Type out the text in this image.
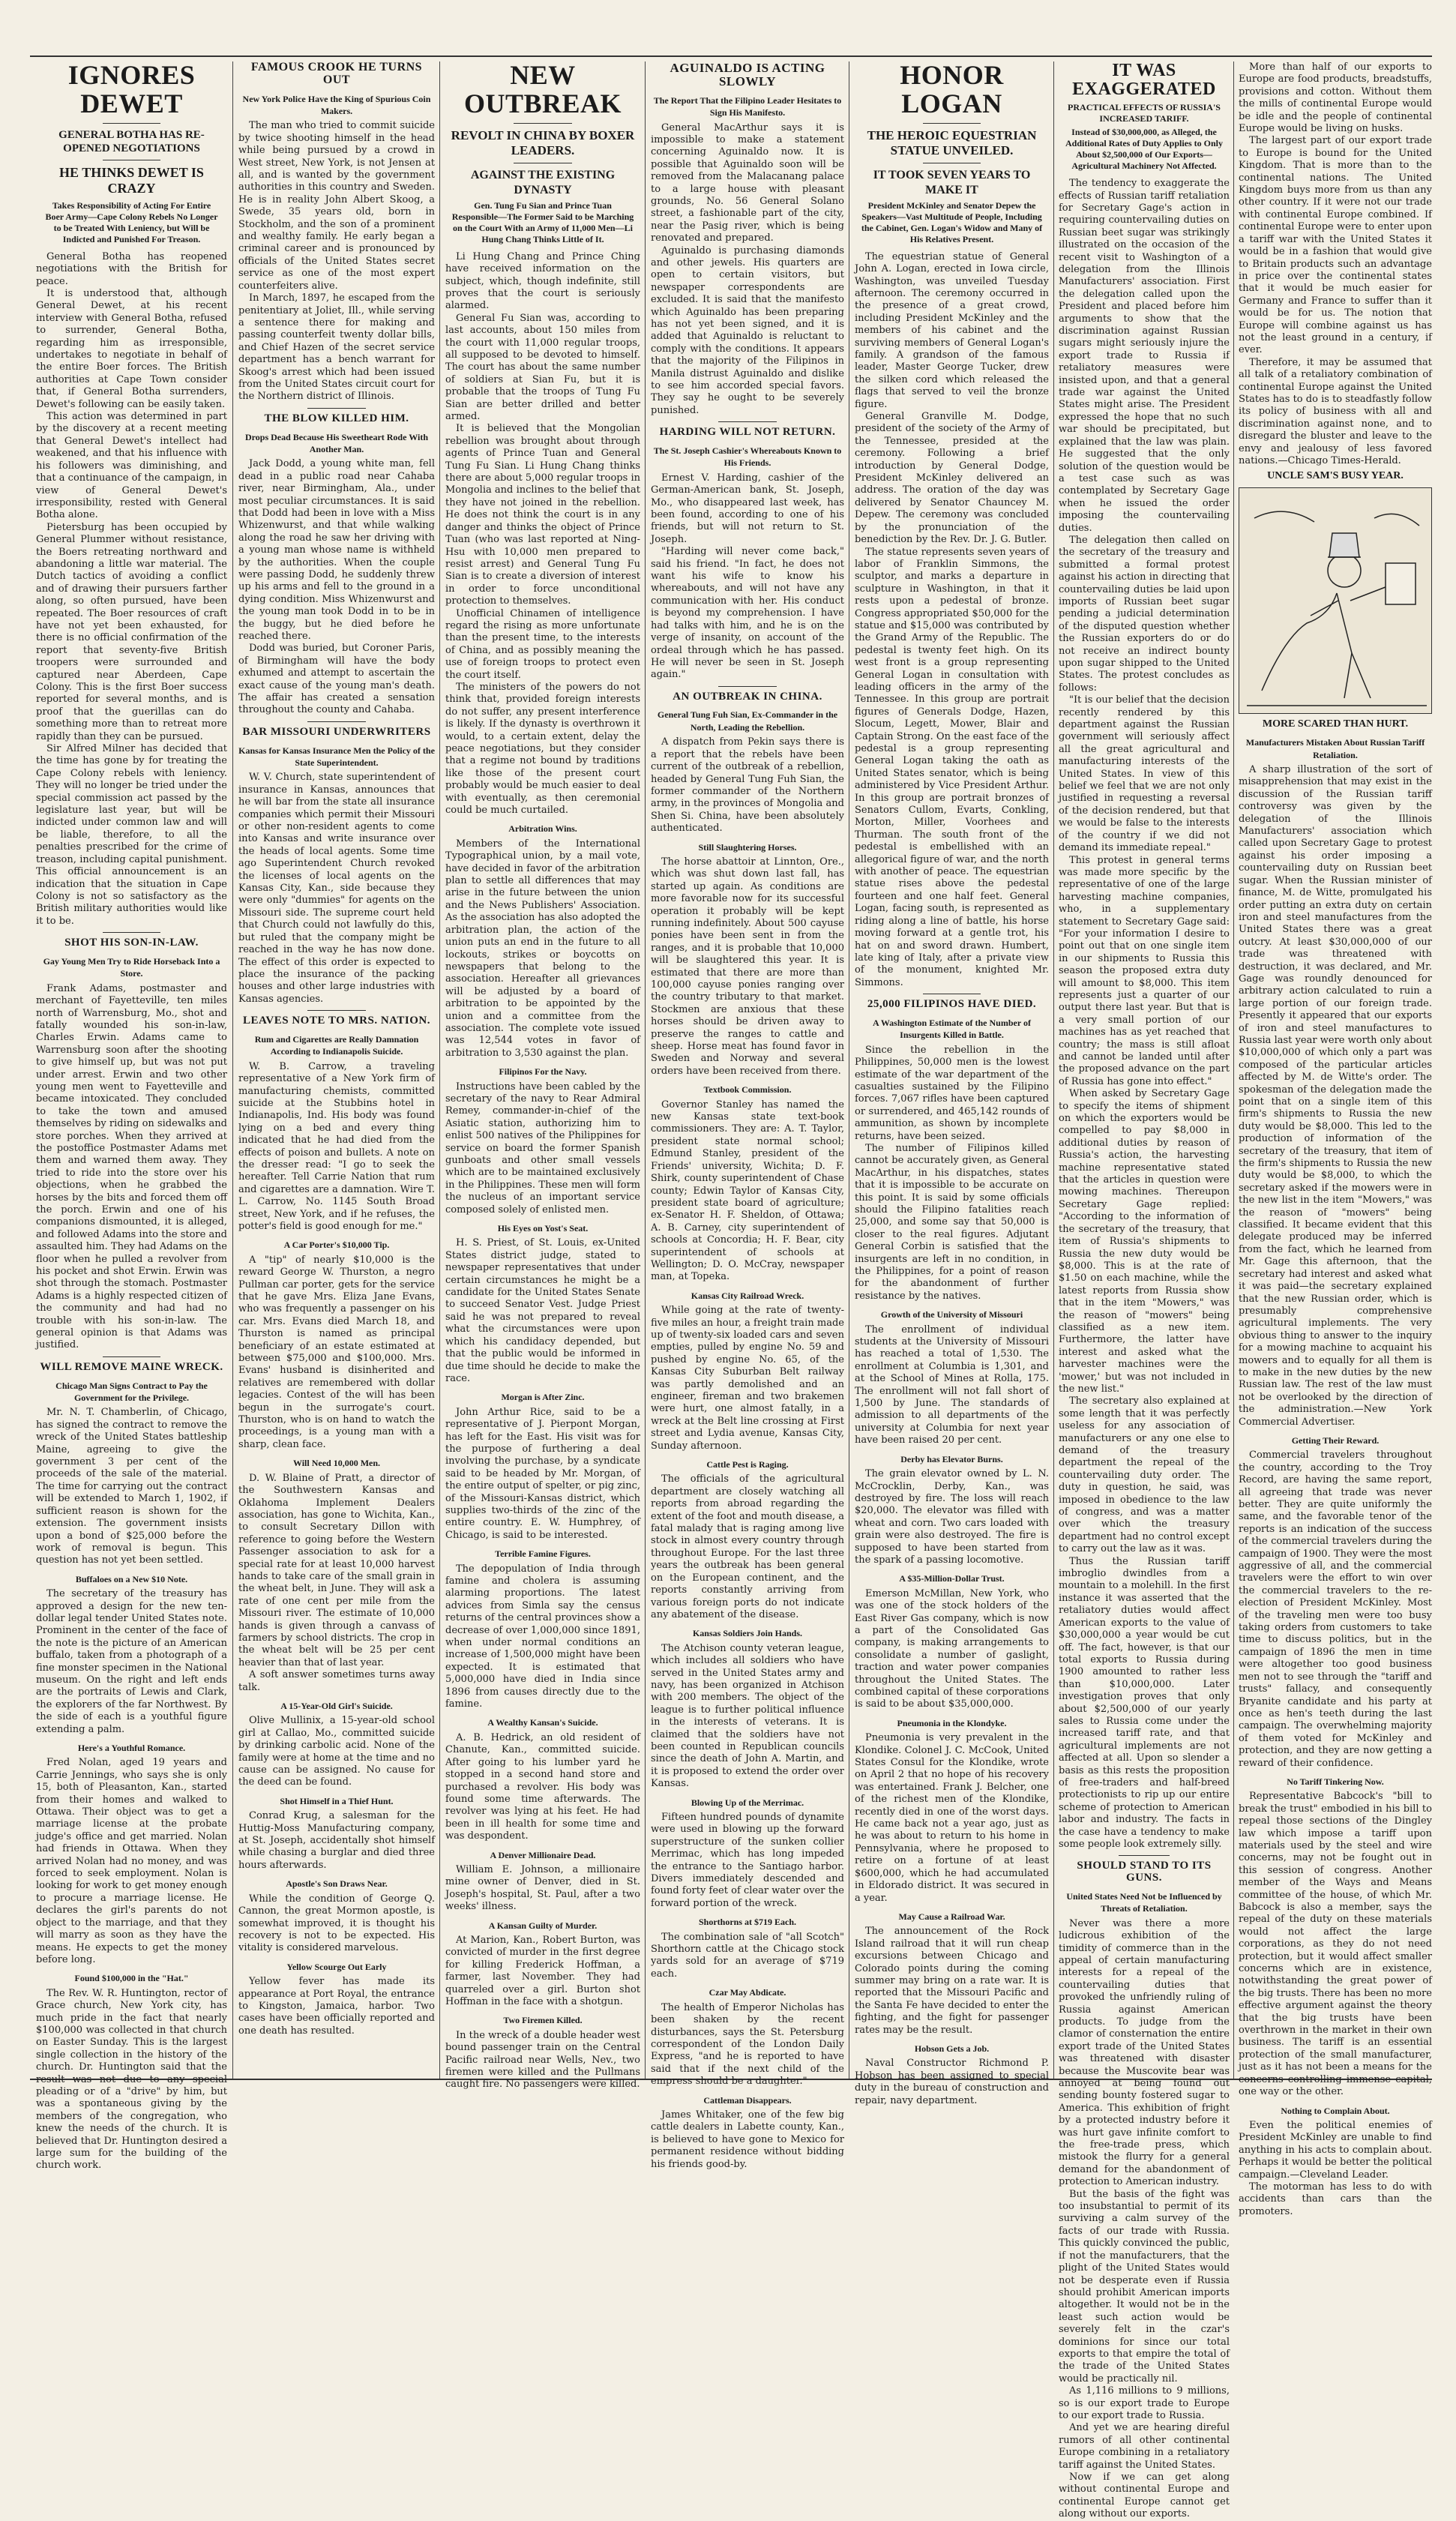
IGNORES DEWET
GENERAL BOTHA HAS RE-OPENED NEGOTIATIONS
HE THINKS DEWET IS CRAZY
Takes Responsibility of Acting For Entire Boer Army—Cape Colony Rebels No Longer to be Treated With Leniency, but Will be Indicted and Punished For Treason.

General Botha has reopened negotiations with the British for peace.

It is understood that, although General Dewet, at his recent interview with General Botha, refused to surrender, General Botha, regarding him as irresponsible, undertakes to negotiate in behalf of the entire Boer forces. The British authorities at Cape Town consider that, if General Botha surrenders, Dewet's following can be easily taken.

This action was determined in part by the discovery at a recent meeting that General Dewet's intellect had weakened, and that his influence with his followers was diminishing, and that a continuance of the campaign, in view of General Dewet's irresponsibility, rested with General Botha alone.

Pietersburg has been occupied by General Plummer without resistance, the Boers retreating northward and abandoning a little war material. The Dutch tactics of avoiding a conflict and of drawing their pursuers farther along, so often pursued, have been repeated. The Boer resources of craft have not yet been exhausted, for there is no official confirmation of the report that seventy-five British troopers were surrounded and captured near Aberdeen, Cape Colony. This is the first Boer success reported for several months, and is proof that the guerillas can do something more than to retreat more rapidly than they can be pursued.

Sir Alfred Milner has decided that the time has gone by for treating the Cape Colony rebels with leniency. They will no longer be tried under the special commission act passed by the legislature last year, but will be indicted under common law and will be liable, therefore, to all the penalties prescribed for the crime of treason, including capital punishment. This official announcement is an indication that the situation in Cape Colony is not so satisfactory as the British military authorities would like it to be.

SHOT HIS SON-IN-LAW.
Gay Young Men Try to Ride Horseback Into a Store.

Frank Adams, postmaster and merchant of Fayetteville, ten miles north of Warrensburg, Mo., shot and fatally wounded his son-in-law, Charles Erwin. Adams came to Warrensburg soon after the shooting to give himself up, but was not put under arrest. Erwin and two other young men went to Fayetteville and became intoxicated. They concluded to take the town and amused themselves by riding on sidewalks and store porches. When they arrived at the postoffice Postmaster Adams met them and warned them away. They tried to ride into the store over his objections, when he grabbed the horses by the bits and forced them off the porch. Erwin and one of his companions dismounted, it is alleged, and followed Adams into the store and assaulted him. They had Adams on the floor when he pulled a revolver from his pocket and shot Erwin. Erwin was shot through the stomach. Postmaster Adams is a highly respected citizen of the community and had had no trouble with his son-in-law. The general opinion is that Adams was justified.

WILL REMOVE MAINE WRECK.
Chicago Man Signs Contract to Pay the Government for the Privilege.

Mr. N. T. Chamberlin, of Chicago, has signed the contract to remove the wreck of the United States battleship Maine, agreeing to give the government 3 per cent of the proceeds of the sale of the material. The time for carrying out the contract will be extended to March 1, 1902, if sufficient reason is shown for the extension. The government insists upon a bond of $25,000 before the work of removal is begun. This question has not yet been settled.

Buffaloes on a New $10 Note.

The secretary of the treasury has approved a design for the new ten-dollar legal tender United States note. Prominent in the center of the face of the note is the picture of an American buffalo, taken from a photograph of a fine monster specimen in the National museum. On the right and left ends are the portraits of Lewis and Clark, the explorers of the far Northwest. By the side of each is a youthful figure extending a palm.

Here's a Youthful Romance.

Fred Nolan, aged 19 years and Carrie Jennings, who says she is only 15, both of Pleasanton, Kan., started from their homes and walked to Ottawa. Their object was to get a marriage license at the probate judge's office and get married. Nolan had friends in Ottawa. When they arrived Nolan had no money, and was forced to seek employment. Nolan is looking for work to get money enough to procure a marriage license. He declares the girl's parents do not object to the marriage, and that they will marry as soon as they have the means. He expects to get the money before long.

Found $100,000 in the "Hat."

The Rev. W. R. Huntington, rector of Grace church, New York city, has much pride in the fact that nearly $100,000 was collected in that church on Easter Sunday. This is the largest single collection in the history of the church. Dr. Huntington said that the result was not due to any special pleading or of a "drive" by him, but was a spontaneous giving by the members of the congregation, who knew the needs of the church. It is believed that Dr. Huntington desired a large sum for the building of the church work.

FAMOUS CROOK HE TURNS OUT
New York Police Have the King of Spurious Coin Makers.

The man who tried to commit suicide by twice shooting himself in the head while being pursued by a crowd in West street, New York, is not Jensen at all, and is wanted by the government authorities in this country and Sweden. He is in reality John Albert Skoog, a Swede, 35 years old, born in Stockholm, and the son of a prominent and wealthy family. He early began a criminal career and is pronounced by officials of the United States secret service as one of the most expert counterfeiters alive.

In March, 1897, he escaped from the penitentiary at Joliet, Ill., while serving a sentence there for making and passing counterfeit twenty dollar bills, and Chief Hazen of the secret service department has a bench warrant for Skoog's arrest which had been issued from the United States circuit court for the Northern district of Illinois.

THE BLOW KILLED HIM.
Drops Dead Because His Sweetheart Rode With Another Man.

Jack Dodd, a young white man, fell dead in a public road near Cahaba river, near Birmingham, Ala., under most peculiar circumstances. It is said that Dodd had been in love with a Miss Whizenwurst, and that while walking along the road he saw her driving with a young man whose name is withheld by the authorities. When the couple were passing Dodd, he suddenly threw up his arms and fell to the ground in a dying condition. Miss Whizenwurst and the young man took Dodd in to be in the buggy, but he died before he reached there.

Dodd was buried, but Coroner Paris, of Birmingham will have the body exhumed and attempt to ascertain the exact cause of the young man's death. The affair has created a sensation throughout the county and Cahaba.

BAR MISSOURI UNDERWRITERS
Kansas for Kansas Insurance Men the Policy of the State Superintendent.

W. V. Church, state superintendent of insurance in Kansas, announces that he will bar from the state all insurance companies which permit their Missouri or other non-resident agents to come into Kansas and write insurance over the heads of local agents. Some time ago Superintendent Church revoked the licenses of local agents on the Kansas City, Kan., side because they were only "dummies" for agents on the Missouri side. The supreme court held that Church could not lawfully do this, but ruled that the company might be reached in the way he has now done. The effect of this order is expected to place the insurance of the packing houses and other large industries with Kansas agencies.

LEAVES NOTE TO MRS. NATION.
Rum and Cigarettes are Really Damnation According to Indianapolis Suicide.

W. B. Carrow, a traveling representative of a New York firm of manufacturing chemists, committed suicide at the Stubbins hotel in Indianapolis, Ind. His body was found lying on a bed and every thing indicated that he had died from the effects of poison and bullets. A note on the dresser read: "I go to seek the hereafter. Tell Carrie Nation that rum and cigarettes are a damnation. Wire T. L. Carrow, No. 1145 South Broad street, New York, and if he refuses, the potter's field is good enough for me."

A Car Porter's $10,000 Tip.

A "tip" of nearly $10,000 is the reward George W. Thurston, a negro Pullman car porter, gets for the service that he gave Mrs. Eliza Jane Evans, who was frequently a passenger on his car. Mrs. Evans died March 18, and Thurston is named as principal beneficiary of an estate estimated at between $75,000 and $100,000. Mrs. Evans' husband is disinherited and relatives are remembered with dollar legacies. Contest of the will has been begun in the surrogate's court. Thurston, who is on hand to watch the proceedings, is a young man with a sharp, clean face.

Will Need 10,000 Men.

D. W. Blaine of Pratt, a director of the Southwestern Kansas and Oklahoma Implement Dealers association, has gone to Wichita, Kan., to consult Secretary Dillon with reference to going before the Western Passenger association to ask for a special rate for at least 10,000 harvest hands to take care of the small grain in the wheat belt, in June. They will ask a rate of one cent per mile from the Missouri river. The estimate of 10,000 hands is given through a canvass of farmers by school districts. The crop in the wheat belt will be 25 per cent heavier than that of last year.

A soft answer sometimes turns away talk.

A 15-Year-Old Girl's Suicide.

Olive Mullinix, a 15-year-old school girl at Callao, Mo., committed suicide by drinking carbolic acid. None of the family were at home at the time and no cause can be assigned. No cause for the deed can be found.

Shot Himself in a Thief Hunt.

Conrad Krug, a salesman for the Huttig-Moss Manufacturing company, at St. Joseph, accidentally shot himself while chasing a burglar and died three hours afterwards.

Apostle's Son Draws Near.

While the condition of George Q. Cannon, the great Mormon apostle, is somewhat improved, it is thought his recovery is not to be expected. His vitality is considered marvelous.

Yellow Scourge Out Early

Yellow fever has made its appearance at Port Royal, the entrance to Kingston, Jamaica, harbor. Two cases have been officially reported and one death has resulted.

NEW OUTBREAK
REVOLT IN CHINA BY BOXER LEADERS.
AGAINST THE EXISTING DYNASTY
Gen. Tung Fu Sian and Prince Tuan Responsible—The Former Said to be Marching on the Court With an Army of 11,000 Men—Li Hung Chang Thinks Little of It.

Li Hung Chang and Prince Ching have received information on the subject, which, though indefinite, still proves that the court is seriously alarmed.

General Fu Sian was, according to last accounts, about 150 miles from the court with 11,000 regular troops, all supposed to be devoted to himself. The court has about the same number of soldiers at Sian Fu, but it is probable that the troops of Tung Fu Sian are better drilled and better armed.

It is believed that the Mongolian rebellion was brought about through agents of Prince Tuan and General Tung Fu Sian. Li Hung Chang thinks there are about 5,000 regular troops in Mongolia and inclines to the belief that they have not joined in the rebellion. He does not think the court is in any danger and thinks the object of Prince Tuan (who was last reported at Ning-Hsu with 10,000 men prepared to resist arrest) and General Tung Fu Sian is to create a diversion of interest in order to force unconditional protection to themselves.

Unofficial Chinamen of intelligence regard the rising as more unfortunate than the present time, to the interests of China, and as possibly meaning the use of foreign troops to protect even the court itself.

The ministers of the powers do not think that, provided foreign interests do not suffer, any present interference is likely. If the dynasty is overthrown it would, to a certain extent, delay the peace negotiations, but they consider that a regime not bound by traditions like those of the present court probably would be much easier to deal with eventually, as then ceremonial could be much curtailed.

Arbitration Wins.

Members of the International Typographical union, by a mail vote, have decided in favor of the arbitration plan to settle all differences that may arise in the future between the union and the News Publishers' Association. As the association has also adopted the arbitration plan, the action of the union puts an end in the future to all lockouts, strikes or boycotts on newspapers that belong to the association. Hereafter all grievances will be adjusted by a board of arbitration to be appointed by the union and a committee from the association. The complete vote issued was 12,544 votes in favor of arbitration to 3,530 against the plan.

Filipinos For the Navy.

Instructions have been cabled by the secretary of the navy to Rear Admiral Remey, commander-in-chief of the Asiatic station, authorizing him to enlist 500 natives of the Philippines for service on board the former Spanish gunboats and other small vessels which are to be maintained exclusively in the Philippines. These men will form the nucleus of an important service composed solely of enlisted men.

His Eyes on Yost's Seat.

H. S. Priest, of St. Louis, ex-United States district judge, stated to newspaper representatives that under certain circumstances he might be a candidate for the United States Senate to succeed Senator Vest. Judge Priest said he was not prepared to reveal what the circumstances were upon which his candidacy depended, but that the public would be informed in due time should he decide to make the race.

Morgan is After Zinc.

John Arthur Rice, said to be a representative of J. Pierpont Morgan, has left for the East. His visit was for the purpose of furthering a deal involving the purchase, by a syndicate said to be headed by Mr. Morgan, of the entire output of spelter, or pig zinc, of the Missouri-Kansas district, which supplies two-thirds of the zinc of the entire country. E. W. Humphrey, of Chicago, is said to be interested.

Terrible Famine Figures.

The depopulation of India through famine and cholera is assuming alarming proportions. The latest advices from Simla say the census returns of the central provinces show a decrease of over 1,000,000 since 1891, when under normal conditions an increase of 1,500,000 might have been expected. It is estimated that 5,000,000 have died in India since 1896 from causes directly due to the famine.

A Wealthy Kansan's Suicide.

A. B. Hedrick, an old resident of Chanute, Kan., committed suicide. After going to his lumber yard he stopped in a second hand store and purchased a revolver. His body was found some time afterwards. The revolver was lying at his feet. He had been in ill health for some time and was despondent.

A Denver Millionaire Dead.

William E. Johnson, a millionaire mine owner of Denver, died in St. Joseph's hospital, St. Paul, after a two weeks' illness.

A Kansan Guilty of Murder.

At Marion, Kan., Robert Burton, was convicted of murder in the first degree for killing Frederick Hoffman, a farmer, last November. They had quarreled over a girl. Burton shot Hoffman in the face with a shotgun.

Two Firemen Killed.

In the wreck of a double header west bound passenger train on the Central Pacific railroad near Wells, Nev., two firemen were killed and the Pullmans caught fire. No passengers were killed.

AGUINALDO IS ACTING SLOWLY
The Report That the Filipino Leader Hesitates to Sign His Manifesto.

General MacArthur says it is impossible to make a statement concerning Aguinaldo now. It is possible that Aguinaldo soon will be removed from the Malacanang palace to a large house with pleasant grounds, No. 56 General Solano street, a fashionable part of the city, near the Pasig river, which is being renovated and prepared.

Aguinaldo is purchasing diamonds and other jewels. His quarters are open to certain visitors, but newspaper correspondents are excluded. It is said that the manifesto which Aguinaldo has been preparing has not yet been signed, and it is added that Aguinaldo is reluctant to comply with the conditions. It appears that the majority of the Filipinos in Manila distrust Aguinaldo and dislike to see him accorded special favors. They say he ought to be severely punished.

HARDING WILL NOT RETURN.
The St. Joseph Cashier's Whereabouts Known to His Friends.

Ernest V. Harding, cashier of the German-American bank, St. Joseph, Mo., who disappeared last week, has been found, according to one of his friends, but will not return to St. Joseph.

"Harding will never come back," said his friend. "In fact, he does not want his wife to know his whereabouts, and will not have any communication with her. His conduct is beyond my comprehension. I have had talks with him, and he is on the verge of insanity, on account of the ordeal through which he has passed. He will never be seen in St. Joseph again."

AN OUTBREAK IN CHINA.
General Tung Fuh Sian, Ex-Commander in the North, Leading the Rebellion.

A dispatch from Pekin says there is a report that the rebels have been current of the outbreak of a rebellion, headed by General Tung Fuh Sian, the former commander of the Northern army, in the provinces of Mongolia and Shen Si. China, have been absolutely authenticated.

Still Slaughtering Horses.

The horse abattoir at Linnton, Ore., which was shut down last fall, has started up again. As conditions are more favorable now for its successful operation it probably will be kept running indefinitely. About 500 cayuse ponies have been sent in from the ranges, and it is probable that 10,000 will be slaughtered this year. It is estimated that there are more than 100,000 cayuse ponies ranging over the country tributary to that market. Stockmen are anxious that these horses should be driven away to preserve the ranges to cattle and sheep. Horse meat has found favor in Sweden and Norway and several orders have been received from there.

Textbook Commission.

Governor Stanley has named the new Kansas state text-book commissioners. They are: A. T. Taylor, president state normal school; Edmund Stanley, president of the Friends' university, Wichita; D. F. Shirk, county superintendent of Chase county; Edwin Taylor of Kansas City, president state board of agriculture; ex-Senator H. F. Sheldon, of Ottawa; A. B. Carney, city superintendent of schools at Concordia; H. F. Bear, city superintendent of schools at Wellington; D. O. McCray, newspaper man, at Topeka.

Kansas City Railroad Wreck.

While going at the rate of twenty-five miles an hour, a freight train made up of twenty-six loaded cars and seven empties, pulled by engine No. 59 and pushed by engine No. 65, of the Kansas City Suburban Belt railway was partly demolished and an engineer, fireman and two brakemen were hurt, one almost fatally, in a wreck at the Belt line crossing at First street and Lydia avenue, Kansas City, Sunday afternoon.

Cattle Pest is Raging.

The officials of the agricultural department are closely watching all reports from abroad regarding the extent of the foot and mouth disease, a fatal malady that is raging among live stock in almost every country through throughout Europe. For the last three years the outbreak has been general on the European continent, and the reports constantly arriving from various foreign ports do not indicate any abatement of the disease.

Kansas Soldiers Join Hands.

The Atchison county veteran league, which includes all soldiers who have served in the United States army and navy, has been organized in Atchison with 200 members. The object of the league is to further political influence in the interests of veterans. It is claimed that the soldiers have not been counted in Republican councils since the death of John A. Martin, and it is proposed to extend the order over Kansas.

Blowing Up of the Merrimac.

Fifteen hundred pounds of dynamite were used in blowing up the forward superstructure of the sunken collier Merrimac, which has long impeded the entrance to the Santiago harbor. Divers immediately descended and found forty feet of clear water over the forward portion of the wreck.

Shorthorns at $719 Each.

The combination sale of "all Scotch" Shorthorn cattle at the Chicago stock yards sold for an average of $719 each.

Czar May Abdicate.

The health of Emperor Nicholas has been shaken by the recent disturbances, says the St. Petersburg correspondent of the London Daily Express, "and he is reported to have said that if the next child of the empress should be a daughter."

Cattleman Disappears.

James Whitaker, one of the few big cattle dealers in Labette county, Kan., is believed to have gone to Mexico for permanent residence without bidding his friends good-by.

HONOR LOGAN
THE HEROIC EQUESTRIAN STATUE UNVEILED.
IT TOOK SEVEN YEARS TO MAKE IT
President McKinley and Senator Depew the Speakers—Vast Multitude of People, Including the Cabinet, Gen. Logan's Widow and Many of His Relatives Present.

The equestrian statue of General John A. Logan, erected in Iowa circle, Washington, was unveiled Tuesday afternoon. The ceremony occurred in the presence of a great crowd, including President McKinley and the members of his cabinet and the surviving members of General Logan's family. A grandson of the famous leader, Master George Tucker, drew the silken cord which released the flags that served to veil the bronze figure.

General Granville M. Dodge, president of the society of the Army of the Tennessee, presided at the ceremony. Following a brief introduction by General Dodge, President McKinley delivered an address. The oration of the day was delivered by Senator Chauncey M. Depew. The ceremony was concluded by the pronunciation of the benediction by the Rev. Dr. J. G. Butler.

The statue represents seven years of labor of Franklin Simmons, the sculptor, and marks a departure in sculpture in Washington, in that it rests upon a pedestal of bronze. Congress appropriated $50,000 for the statue and $15,000 was contributed by the Grand Army of the Republic. The pedestal is twenty feet high. On its west front is a group representing General Logan in consultation with leading officers in the army of the Tennessee. In this group are portrait figures of Generals Dodge, Hazen, Slocum, Legett, Mower, Blair and Captain Strong. On the east face of the pedestal is a group representing General Logan taking the oath as United States senator, which is being administered by Vice President Arthur. In this group are portrait bronzes of Senators Cullom, Evarts, Conkling, Morton, Miller, Voorhees and Thurman. The south front of the pedestal is embellished with an allegorical figure of war, and the north with another of peace. The equestrian statue rises above the pedestal fourteen and one half feet. General Logan, facing south, is represented as riding along a line of battle, his horse moving forward at a gentle trot, his hat on and sword drawn. Humbert, late king of Italy, after a private view of the monument, knighted Mr. Simmons.

25,000 FILIPINOS HAVE DIED.
A Washington Estimate of the Number of Insurgents Killed in Battle.

Since the rebellion in the Philippines, 50,000 men is the lowest estimate of the war department of the casualties sustained by the Filipino forces. 7,067 rifles have been captured or surrendered, and 465,142 rounds of ammunition, as shown by incomplete returns, have been seized.

The number of Filipinos killed cannot be accurately given, as General MacArthur, in his dispatches, states that it is impossible to be accurate on this point. It is said by some officials should the Filipino fatalities reach 25,000, and some say that 50,000 is closer to the real figures. Adjutant General Corbin is satisfied that the insurgents are left in no condition, in the Philippines, for a point of reason for the abandonment of further resistance by the natives.

Growth of the University of Missouri

The enrollment of individual students at the University of Missouri has reached a total of 1,530. The enrollment at Columbia is 1,301, and at the School of Mines at Rolla, 175. The enrollment will not fall short of 1,500 by June. The standards of admission to all departments of the university at Columbia for next year have been raised 20 per cent.

Derby has Elevator Burns.

The grain elevator owned by L. N. McCrocklin, Derby, Kan., was destroyed by fire. The loss will reach $20,000. The elevator was filled with wheat and corn. Two cars loaded with grain were also destroyed. The fire is supposed to have been started from the spark of a passing locomotive.

A $35-Million-Dollar Trust.

Emerson McMillan, New York, who was one of the stock holders of the East River Gas company, which is now a part of the Consolidated Gas company, is making arrangements to consolidate a number of gaslight, traction and water power companies throughout the United States. The combined capital of these corporations is said to be about $35,000,000.

Pneumonia in the Klondyke.

Pneumonia is very prevalent in the Klondike. Colonel J. C. McCook, United States Consul for the Klondike, wrote on April 2 that no hope of his recovery was entertained. Frank J. Belcher, one of the richest men of the Klondike, recently died in one of the worst days. He came back not a year ago, just as he was about to return to his home in Pennsylvania, where he proposed to retire on a fortune of at least $600,000, which he had accumulated in Eldorado district. It was secured in a year.

May Cause a Railroad War.

The announcement of the Rock Island railroad that it will run cheap excursions between Chicago and Colorado points during the coming summer may bring on a rate war. It is reported that the Missouri Pacific and the Santa Fe have decided to enter the fighting, and the fight for passenger rates may be the result.

Hobson Gets a Job.

Naval Constructor Richmond P. Hobson has been assigned to special duty in the bureau of construction and repair, navy department.

IT WAS EXAGGERATED
PRACTICAL EFFECTS OF RUSSIA'S INCREASED TARIFF.
Instead of $30,000,000, as Alleged, the Additional Rates of Duty Applies to Only About $2,500,000 of Our Exports—Agricultural Machinery Not Affected.

The tendency to exaggerate the effects of Russian tariff retaliation for Secretary Gage's action in requiring countervailing duties on Russian beet sugar was strikingly illustrated on the occasion of the recent visit to Washington of a delegation from the Illinois Manufacturers' association. First the delegation called upon the President and placed before him arguments to show that the discrimination against Russian sugars might seriously injure the export trade to Russia if retaliatory measures were insisted upon, and that a general trade war against the United States might arise. The President expressed the hope that no such war should be precipitated, but explained that the law was plain. He suggested that the only solution of the question would be a test case such as was contemplated by Secretary Gage when he issued the order imposing the countervailing duties.

The delegation then called on the secretary of the treasury and submitted a formal protest against his action in directing that countervailing duties be laid upon imports of Russian beet sugar pending a judicial determination of the disputed question whether the Russian exporters do or do not receive an indirect bounty upon sugar shipped to the United States. The protest concludes as follows:

"It is our belief that the decision recently rendered by this department against the Russian government will seriously affect all the great agricultural and manufacturing interests of the United States. In view of this belief we feel that we are not only justified in requesting a reversal of the decision rendered, but that we would be false to the interests of the country if we did not demand its immediate repeal."

This protest in general terms was made more specific by the representative of one of the large harvesting machine companies, who, in a supplementary statement to Secretary Gage said: "For your information I desire to point out that on one single item in our shipments to Russia this season the proposed extra duty will amount to $8,000. This item represents just a quarter of our output there last year. But that is a very small portion of our machines has as yet reached that country; the mass is still afloat and cannot be landed until after the proposed advance on the part of Russia has gone into effect."

When asked by Secretary Gage to specify the items of shipment on which the exporters would be compelled to pay $8,000 in additional duties by reason of Russia's action, the harvesting machine representative stated that the articles in question were mowing machines. Thereupon Secretary Gage replied: "According to the information of the secretary of the treasury, that item of Russia's shipments to Russia the new duty would be $8,000. This is at the rate of $1.50 on each machine, while the latest reports from Russia show that in the item "Mowers," was the reason of "mowers" being classified as a new item. Furthermore, the latter have interest and asked what the harvester machines were the 'mower,' but was not included in the new list."

The secretary also explained at some length that it was perfectly useless for any association of manufacturers or any one else to demand of the treasury department the repeal of the countervailing duty order. The duty in question, he said, was imposed in obedience to the law of congress, and was a matter over which the treasury department had no control except to carry out the law as it was.

Thus the Russian tariff imbroglio dwindles from a mountain to a molehill. In the first instance it was asserted that the retaliatory duties would affect American exports to the value of $30,000,000 a year would be cut off. The fact, however, is that our total exports to Russia during 1900 amounted to rather less than $10,000,000. Later investigation proves that only about $2,500,000 of our yearly sales to Russia come under the increased tariff rate, and that agricultural implements are not affected at all. Upon so slender a basis as this rests the proposition of free-traders and half-breed protectionists to rip up our entire scheme of protection to American labor and industry. The facts in the case have a tendency to make some people look extremely silly.

SHOULD STAND TO ITS GUNS.
United States Need Not be Influenced by Threats of Retaliation.

Never was there a more ludicrous exhibition of the timidity of commerce than in the appeal of certain manufacturing interests for a repeal of the countervailing duties that provoked the unfriendly ruling of Russia against American products. To judge from the clamor of consternation the entire export trade of the United States was threatened with disaster because the Muscovite bear was annoyed at being found out sending bounty fostered sugar to America. This exhibition of fright by a protected industry before it was hurt gave infinite comfort to the free-trade press, which mistook the flurry for a general demand for the abandonment of protection to American industry.

But the basis of the fight was too insubstantial to permit of its surviving a calm survey of the facts of our trade with Russia. This quickly convinced the public, if not the manufacturers, that the plight of the United States would not be desperate even if Russia should prohibit American imports altogether. It would not be in the least such action would be severely felt in the czar's dominions for since our total exports to that empire the total of the trade of the United States would be practically nil.

As 1,116 millions to 9 millions, so is our export trade to Europe to our export trade to Russia.

And yet we are hearing direful rumors of all other continental Europe combining in a retaliatory tariff against the United States.

Now if we can get along without continental Europe and continental Europe cannot get along without our exports.

More than half of our exports to Europe are food products, breadstuffs, provisions and cotton. Without them the mills of continental Europe would be idle and the people of continental Europe would be living on husks.

The largest part of our export trade to Europe is bound for the United Kingdom. That is more than to the continental nations. The United Kingdom buys more from us than any other country. If it were not our trade with continental Europe combined. If continental Europe were to enter upon a tariff war with the United States it would be in a fashion that would give to Britain products such an advantage in price over the continental states that it would be much easier for Germany and France to suffer than it would be for us. The notion that Europe will combine against us has not the least ground in a century, if ever.

Therefore, it may be assumed that all talk of a retaliatory combination of continental Europe against the United States has to do is to steadfastly follow its policy of business with all and discrimination against none, and to disregard the bluster and leave to the envy and jealousy of less favored nations.—Chicago Times-Herald.

UNCLE SAM'S BUSY YEAR.
MORE SCARED THAN HURT.
Manufacturers Mistaken About Russian Tariff Retaliation.

A sharp illustration of the sort of misapprehension that may exist in the discussion of the Russian tariff controversy was given by the delegation of the Illinois Manufacturers' association which called upon Secretary Gage to protest against his order imposing a countervailing duty on Russian beet sugar. When the Russian minister of finance, M. de Witte, promulgated his order putting an extra duty on certain iron and steel manufactures from the United States there was a great outcry. At least $30,000,000 of our trade was threatened with destruction, it was declared, and Mr. Gage was roundly denounced for arbitrary action calculated to ruin a large portion of our foreign trade. Presently it appeared that our exports of iron and steel manufactures to Russia last year were worth only about $10,000,000 of which only a part was composed of the particular articles affected by M. de Witte's order. The spokesman of the delegation made the point that on a single item of this firm's shipments to Russia the new duty would be $8,000. This led to the production of information of the secretary of the treasury, that item of the firm's shipments to Russia the new duty would be $8,000, to which the secretary asked if the mowers were in the new list in the item "Mowers," was the reason of "mowers" being classified. It became evident that this delegate produced may be inferred from the fact, which he learned from Mr. Gage this afternoon, that the secretary had interest and asked what it was paid—the secretary explained that the new Russian order, which is presumably comprehensive agricultural implements. The very obvious thing to answer to the inquiry for a mowing machine to acquaint his mowers and to equally for all them is to make in the new duties by the new Russian law. The rest of the law must not be overlooked by the direction of the administration.—New York Commercial Advertiser.

Getting Their Reward.

Commercial travelers throughout the country, according to the Troy Record, are having the same report, all agreeing that trade was never better. They are quite uniformly the same, and the favorable tenor of the reports is an indication of the success of the commercial travelers during the campaign of 1900. They were the most aggressive of all, and the commercial travelers were the effort to win over the commercial travelers to the re-election of President McKinley. Most of the traveling men were too busy taking orders from customers to take time to discuss politics, but in the campaign of 1896 the men in time were altogether too good business men not to see through the "tariff and trusts" fallacy, and consequently Bryanite candidate and his party at once as hen's teeth during the last campaign. The overwhelming majority of them voted for McKinley and protection, and they are now getting a reward of their confidence.

No Tariff Tinkering Now.

Representative Babcock's "bill to break the trust" embodied in his bill to repeal those sections of the Dingley law which impose a tariff upon materials used by the steel and wire concerns, may not be fought out in this session of congress. Another member of the Ways and Means committee of the house, of which Mr. Babcock is also a member, says the repeal of the duty on these materials would not affect the large corporations, as they do not need protection, but it would affect smaller concerns which are in existence, notwithstanding the great power of the big trusts. There has been no more effective argument against the theory that the big trusts have been overthrown in the market in their own business. The tariff is an essential protection of the small manufacturer, just as it has not been a means for the concerns controlling immense capital, one way or the other.

Nothing to Complain About.

Even the political enemies of President McKinley are unable to find anything in his acts to complain about. Perhaps it would be better the political campaign.—Cleveland Leader.

The motorman has less to do with accidents than cars than the promoters.
